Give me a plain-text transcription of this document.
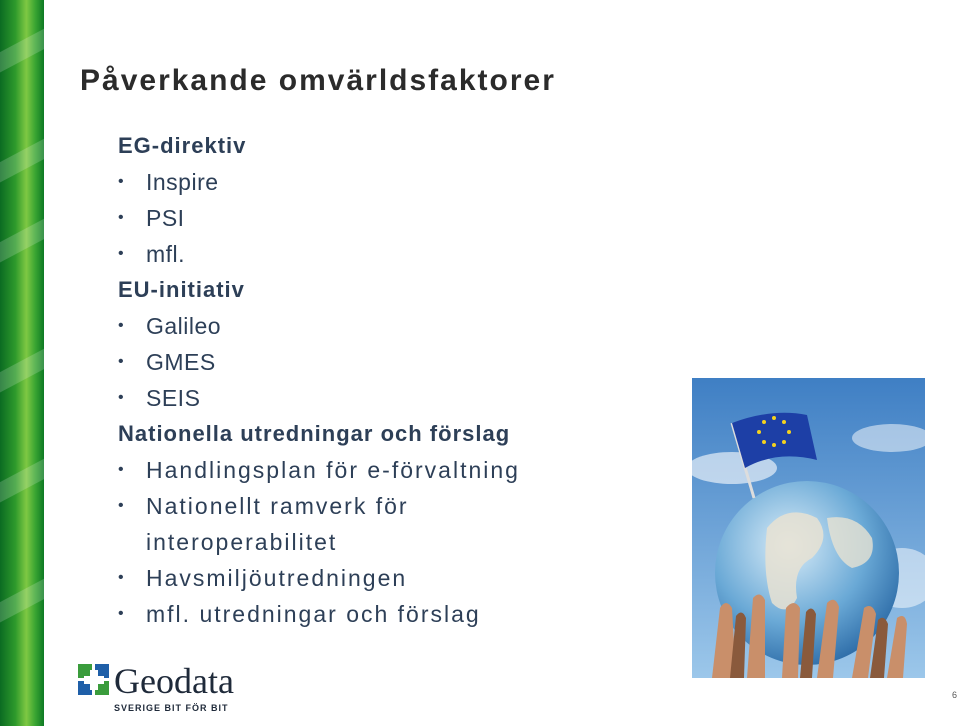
Påverkande omvärldsfaktorer
EG-direktiv
• Inspire
• PSI
• mfl.
EU-initiativ
• Galileo
• GMES
• SEIS
Nationella utredningar och förslag
• Handlingsplan för e-förvaltning
• Nationellt ramverk för
interoperabilitet
• Havsmiljöutredningen
• mfl. utredningar och förslag
Geodata
SVERIGE BIT FÖR BIT
6
